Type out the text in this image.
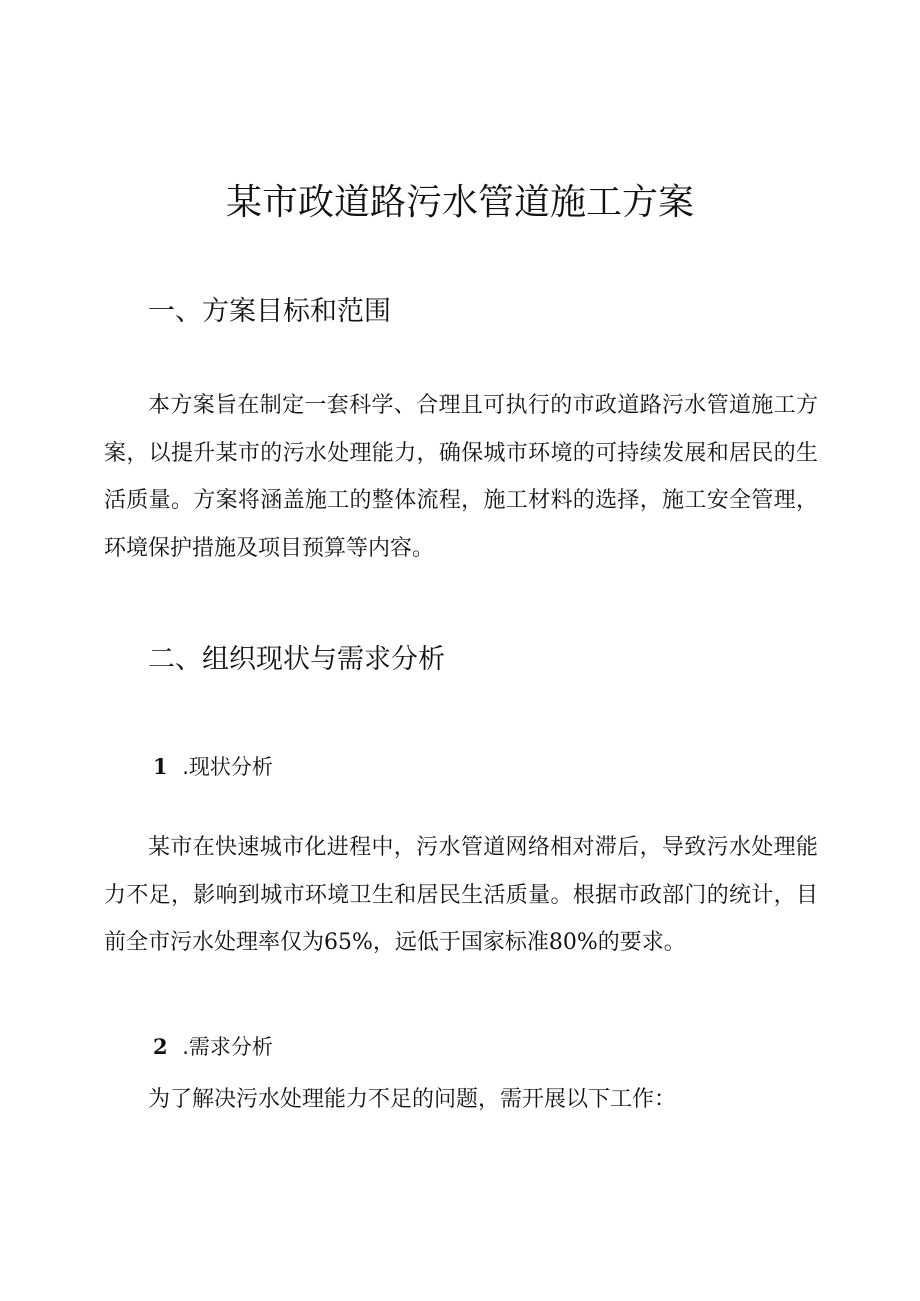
某市政道路污水管道施工方案
一、方案目标和范围

本方案旨在制定一套科学、合理且可执行的市政道路污水管道施工方案，以提升某市的污水处理能力，确保城市环境的可持续发展和居民的生活质量。方案将涵盖施工的整体流程，施工材料的选择，施工安全管理，环境保护措施及项目预算等内容。

二、组织现状与需求分析
1 .现状分析

某市在快速城市化进程中，污水管道网络相对滞后，导致污水处理能力不足，影响到城市环境卫生和居民生活质量。根据市政部门的统计，目前全市污水处理率仅为65%，远低于国家标准80%的要求。

2 .需求分析
为了解决污水处理能力不足的问题，需开展以下工作：
